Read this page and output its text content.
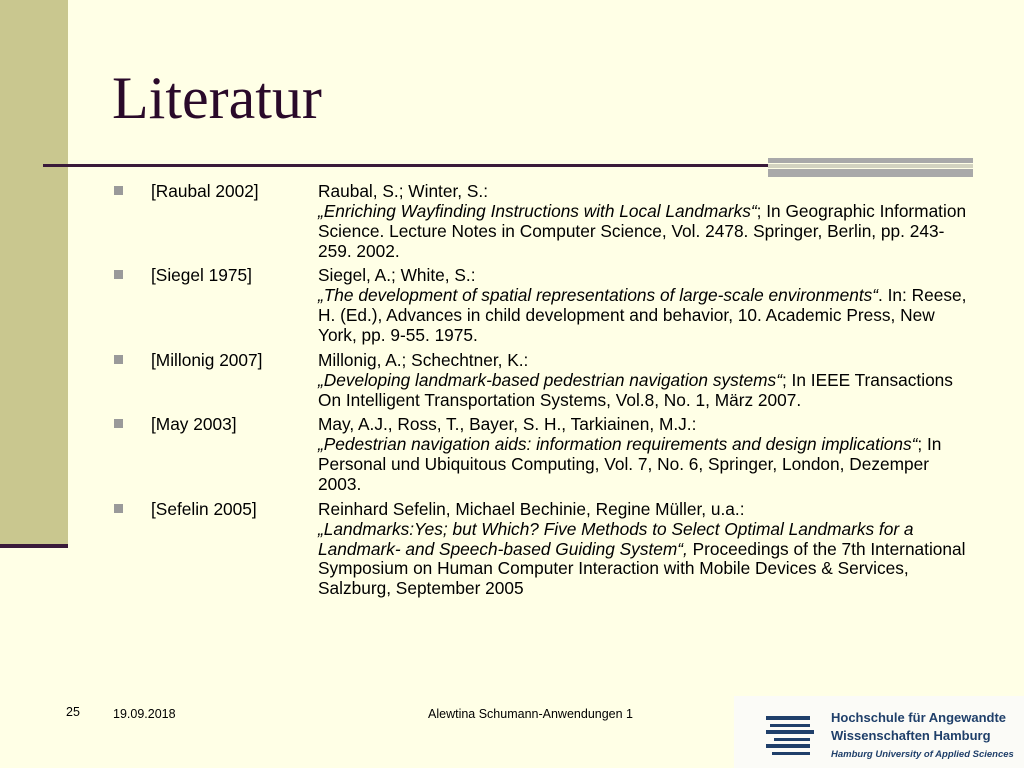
Literatur
[Raubal 2002]	Raubal, S.; Winter, S.:
„Enriching Wayfinding Instructions with Local Landmarks“; In Geographic Information Science. Lecture Notes in Computer Science, Vol. 2478. Springer, Berlin, pp. 243-259. 2002.
[Siegel 1975]	Siegel, A.; White, S.:
„The development of spatial representations of large-scale environments“. In: Reese, H. (Ed.), Advances in child development and behavior, 10. Academic Press, New York, pp. 9-55. 1975.
[Millonig 2007]	Millonig, A.; Schechtner, K.:
„Developing landmark-based pedestrian navigation systems“; In IEEE Transactions On Intelligent Transportation Systems, Vol.8, No. 1, März 2007.
[May 2003]	May, A.J., Ross, T., Bayer, S. H., Tarkiainen, M.J.:
„Pedestrian navigation aids: information requirements and design implications“; In Personal und Ubiquitous Computing, Vol. 7, No. 6, Springer, London, Dezemper 2003.
[Sefelin 2005]	Reinhard Sefelin, Michael Bechinie, Regine Müller, u.a.:
„Landmarks:Yes; but Which? Five Methods to Select Optimal Landmarks for a Landmark- and Speech-based Guiding System“, Proceedings of the 7th International Symposium on Human Computer Interaction with Mobile Devices & Services, Salzburg, September 2005
25	19.09.2018	Alewtina Schumann-Anwendungen 1	Hochschule für Angewandte
Wissenschaften Hamburg
Hamburg University of Applied Sciences
